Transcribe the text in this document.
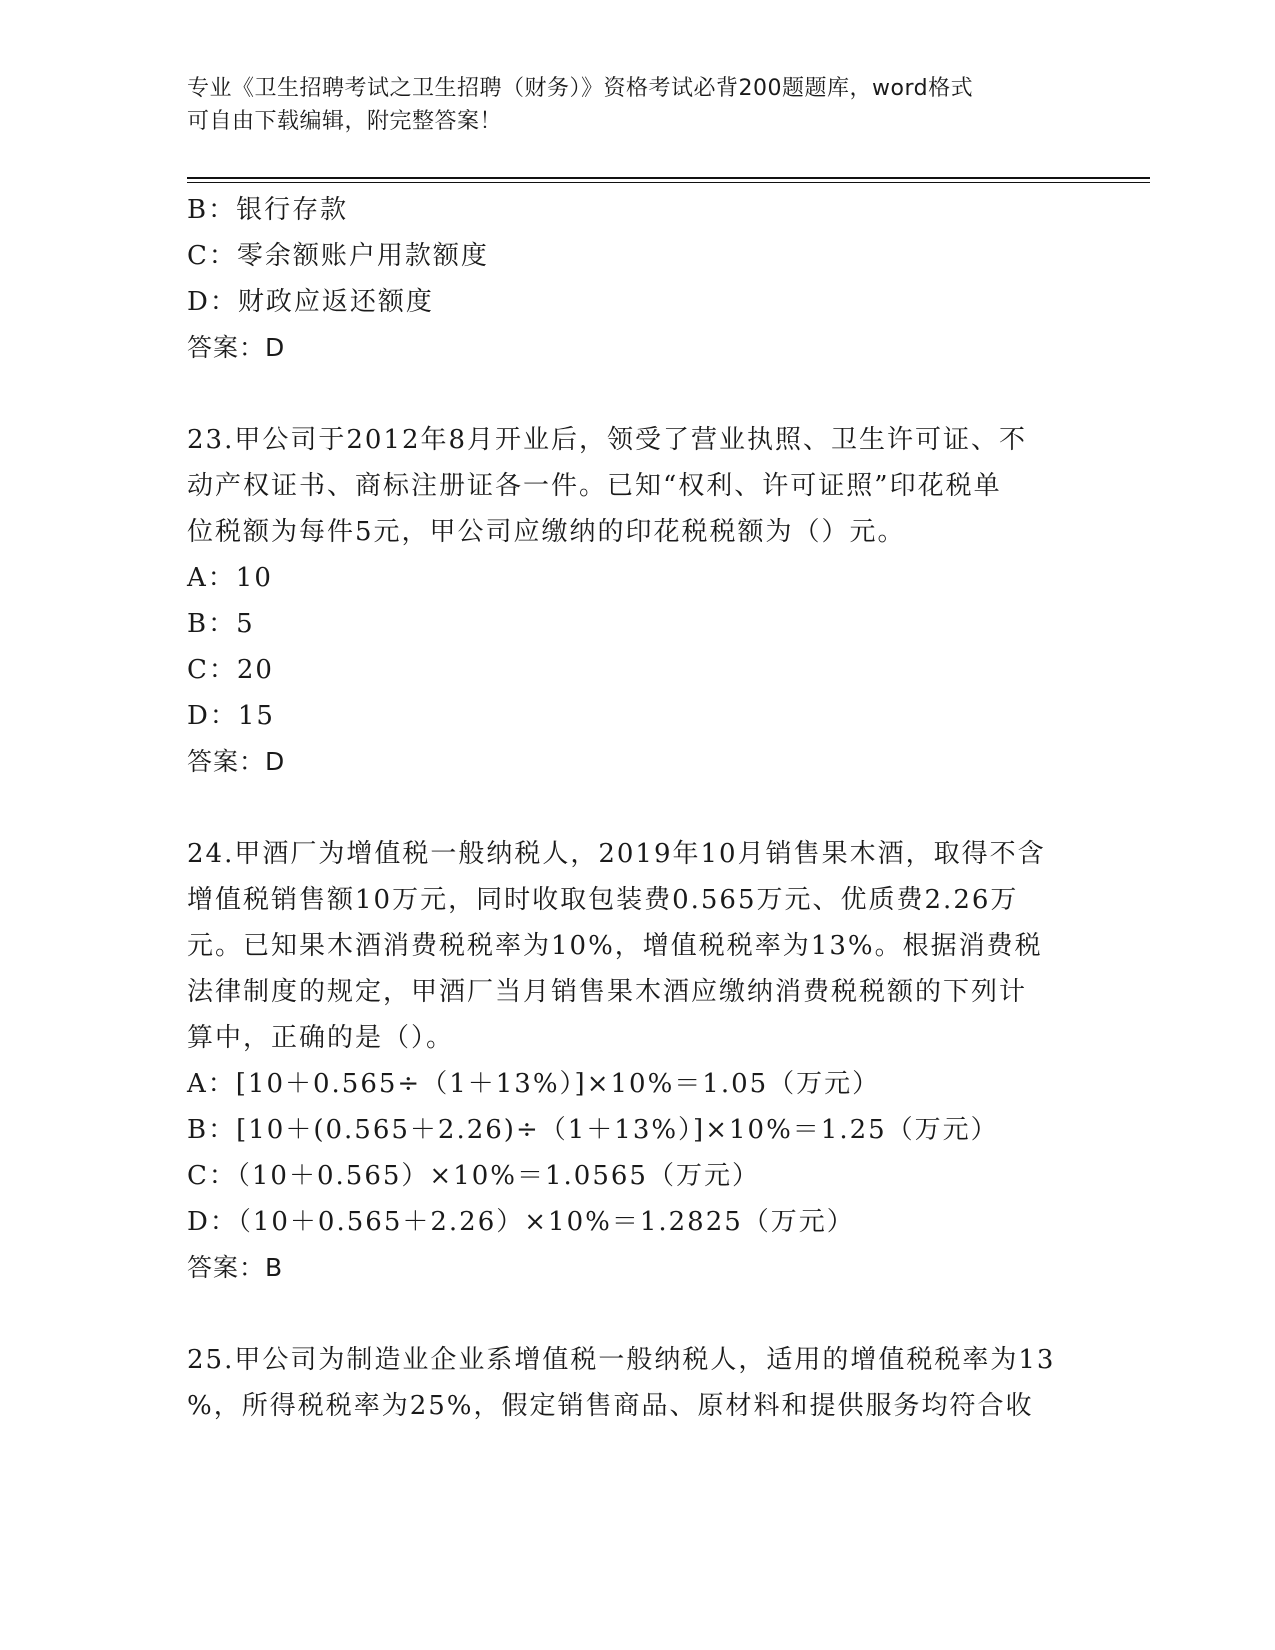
专业《卫生招聘考试之卫生招聘（财务）》资格考试必背200题题库，word格式
可自由下载编辑，附完整答案！
B：银行存款
C：零余额账户用款额度
D：财政应返还额度
答案：D
23.甲公司于2012年8月开业后，领受了营业执照、卫生许可证、不
动产权证书、商标注册证各一件。已知“权利、许可证照”印花税单
位税额为每件5元，甲公司应缴纳的印花税税额为（）元。
A：10
B：5
C：20
D：15
答案：D
24.甲酒厂为增值税一般纳税人，2019年10月销售果木酒，取得不含
增值税销售额10万元，同时收取包装费0.565万元、优质费2.26万
元。已知果木酒消费税税率为10%，增值税税率为13%。根据消费税
法律制度的规定，甲酒厂当月销售果木酒应缴纳消费税税额的下列计
算中，正确的是（）。
A：[10＋0.565÷（1＋13%）]×10%＝1.05（万元）
B：[10＋(0.565＋2.26)÷（1＋13%）]×10%＝1.25（万元）
C：（10＋0.565）×10%＝1.0565（万元）
D：（10＋0.565＋2.26）×10%＝1.2825（万元）
答案：B
25.甲公司为制造业企业系增值税一般纳税人，适用的增值税税率为13
%，所得税税率为25%，假定销售商品、原材料和提供服务均符合收
